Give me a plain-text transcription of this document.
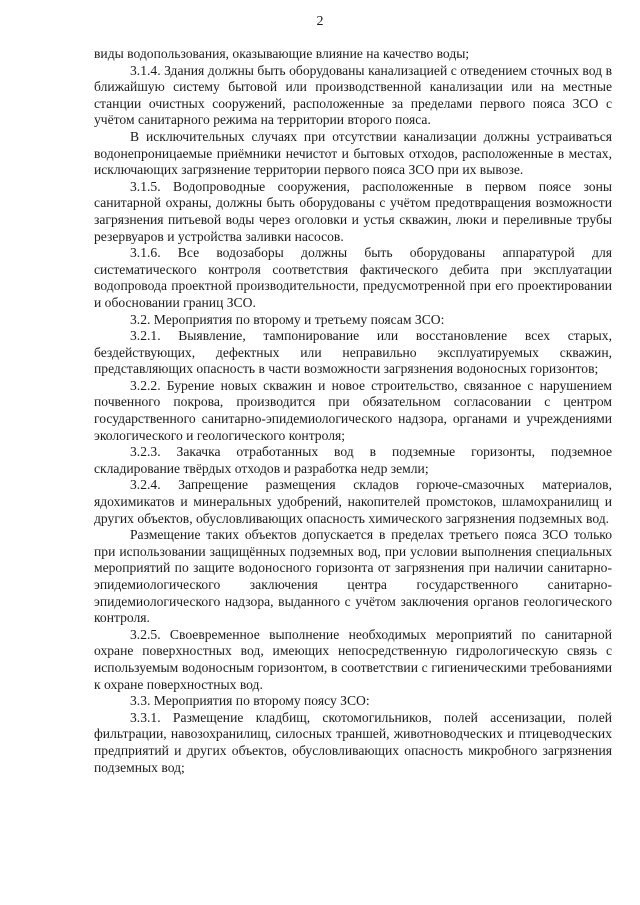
2

виды водопользования, оказывающие влияние на качество воды;

3.1.4. Здания должны быть оборудованы канализацией с отведением сточных вод в ближайшую систему бытовой или производственной канализации или на местные станции очистных сооружений, расположенные за пределами первого пояса ЗСО с учётом санитарного режима на территории второго пояса.

В исключительных случаях при отсутствии канализации должны устраиваться водонепроницаемые приёмники нечистот и бытовых отходов, расположенные в местах, исключающих загрязнение территории первого пояса ЗСО при их вывозе.

3.1.5. Водопроводные сооружения, расположенные в первом поясе зоны санитарной охраны, должны быть оборудованы с учётом предотвращения возможности загрязнения питьевой воды через оголовки и устья скважин, люки и переливные трубы резервуаров и устройства заливки насосов.

3.1.6. Все водозаборы должны быть оборудованы аппаратурой для систематического контроля соответствия фактического дебита при эксплуатации водопровода проектной производительности, предусмотренной при его проектировании и обосновании границ ЗСО.

3.2. Мероприятия по второму и третьему поясам ЗСО:

3.2.1. Выявление, тампонирование или восстановление всех старых, бездействующих, дефектных или неправильно эксплуатируемых скважин, представляющих опасность в части возможности загрязнения водоносных горизонтов;

3.2.2. Бурение новых скважин и новое строительство, связанное с нарушением почвенного покрова, производится при обязательном согласовании с центром государственного санитарно-эпидемиологического надзора, органами и учреждениями экологического и геологического контроля;

3.2.3. Закачка отработанных вод в подземные горизонты, подземное складирование твёрдых отходов и разработка недр земли;

3.2.4. Запрещение размещения складов горюче-смазочных материалов, ядохимикатов и минеральных удобрений, накопителей промстоков, шламохранилищ и других объектов, обусловливающих опасность химического загрязнения подземных вод.

Размещение таких объектов допускается в пределах третьего пояса ЗСО только при использовании защищённых подземных вод, при условии выполнения специальных мероприятий по защите водоносного горизонта от загрязнения при наличии санитарно-эпидемиологического заключения центра государственного санитарно-эпидемиологического надзора, выданного с учётом заключения органов геологического контроля.

3.2.5. Своевременное выполнение необходимых мероприятий по санитарной охране поверхностных вод, имеющих непосредственную гидрологическую связь с используемым водоносным горизонтом, в соответствии с гигиеническими требованиями к охране поверхностных вод.

3.3. Мероприятия по второму поясу ЗСО:

3.3.1. Размещение кладбищ, скотомогильников, полей ассенизации, полей фильтрации, навозохранилищ, силосных траншей, животноводческих и птицеводческих предприятий и других объектов, обусловливающих опасность микробного загрязнения подземных вод;
